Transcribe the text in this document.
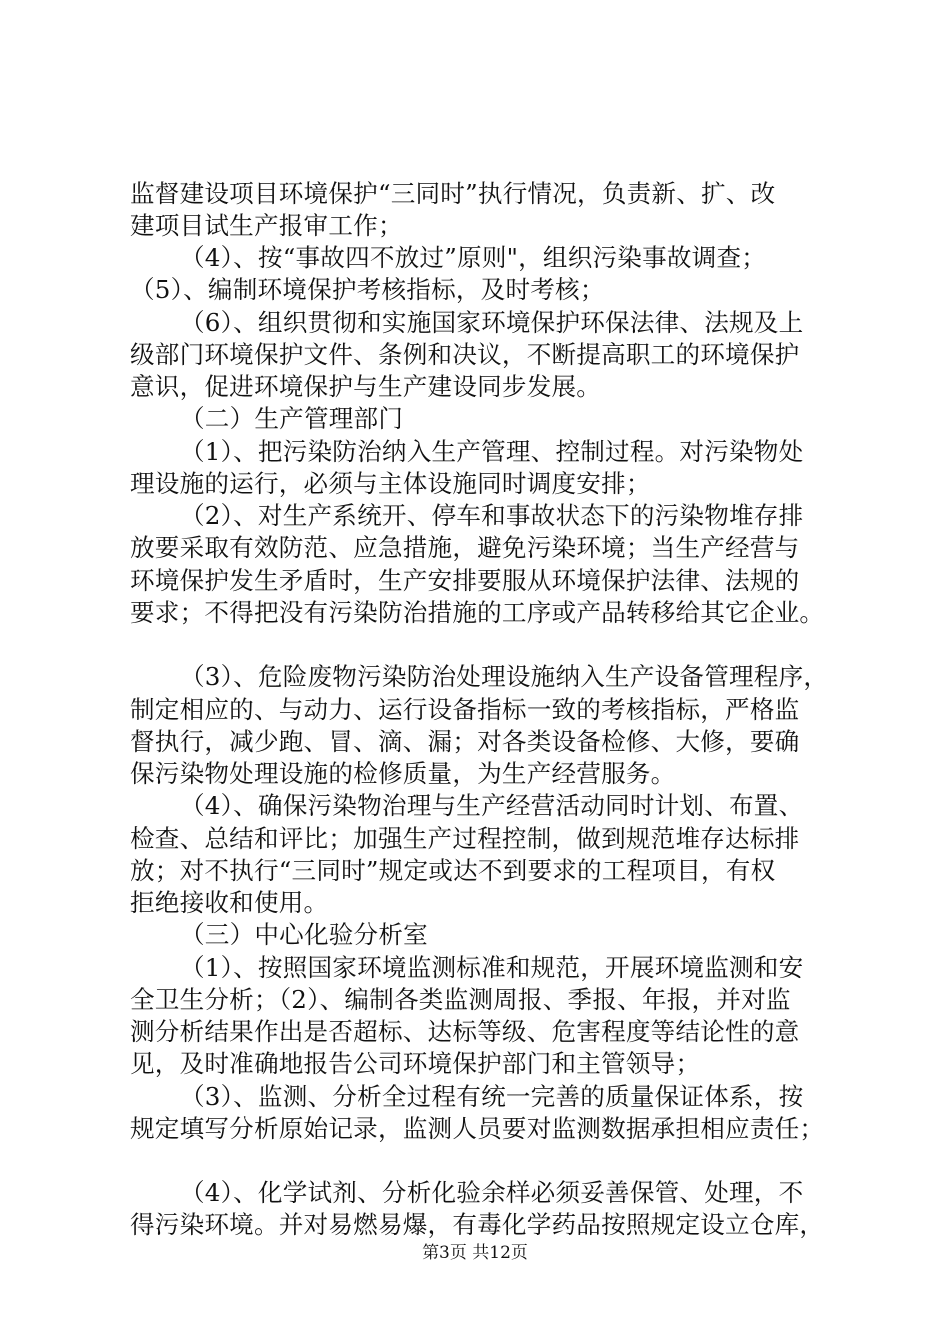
监督建设项目环境保护“三同时”执行情况，负责新、扩、改
建项目试生产报审工作；
（4）、按“事故四不放过”原则"，组织污染事故调查；
（5）、编制环境保护考核指标，及时考核；
（6）、组织贯彻和实施国家环境保护环保法律、法规及上
级部门环境保护文件、条例和决议，不断提高职工的环境保护
意识，促进环境保护与生产建设同步发展。
（二）生产管理部门
（1）、把污染防治纳入生产管理、控制过程。对污染物处
理设施的运行，必须与主体设施同时调度安排；
（2）、对生产系统开、停车和事故状态下的污染物堆存排
放要采取有效防范、应急措施，避免污染环境；当生产经营与
环境保护发生矛盾时，生产安排要服从环境保护法律、法规的
要求；不得把没有污染防治措施的工序或产品转移给其它企业。
（3）、危险废物污染防治处理设施纳入生产设备管理程序，
制定相应的、与动力、运行设备指标一致的考核指标，严格监
督执行，减少跑、冒、滴、漏；对各类设备检修、大修，要确
保污染物处理设施的检修质量，为生产经营服务。
（4）、确保污染物治理与生产经营活动同时计划、布置、
检查、总结和评比；加强生产过程控制，做到规范堆存达标排
放；对不执行“三同时”规定或达不到要求的工程项目，有权
拒绝接收和使用。
（三）中心化验分析室
（1）、按照国家环境监测标准和规范，开展环境监测和安
全卫生分析；（2）、编制各类监测周报、季报、年报，并对监
测分析结果作出是否超标、达标等级、危害程度等结论性的意
见，及时准确地报告公司环境保护部门和主管领导；
（3）、监测、分析全过程有统一完善的质量保证体系，按
规定填写分析原始记录，监测人员要对监测数据承担相应责任；
（4）、化学试剂、分析化验余样必须妥善保管、处理，不
得污染环境。并对易燃易爆，有毒化学药品按照规定设立仓库，
第3页 共12页
